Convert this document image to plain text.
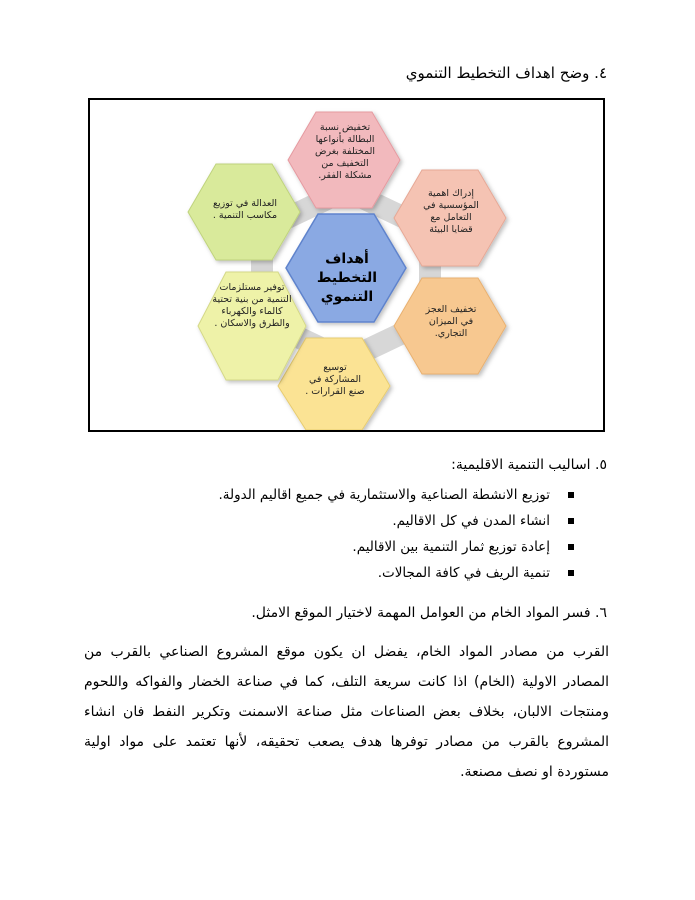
٤. وضح اهداف التخطيط التنموي
أهداف التخطيط التنموي
تخفيض نسبة البطالة بأنواعها المختلفة بغرض التخفيف من مشكلة الفقر.
إدراك اهمية المؤسسية في التعامل مع قضايا البيئة
تخفيف العجز في الميزان التجاري.
توسيع المشاركة في صنع القرارات .
توفير مستلزمات التنمية من بنية تحتية كالماء والكهرباء والطرق والاسكان .
العدالة في توزيع مكاسب التنمية .
٥. اساليب التنمية الاقليمية:
توزيع الانشطة الصناعية والاستثمارية في جميع اقاليم الدولة.
انشاء المدن في كل الاقاليم.
إعادة توزيع ثمار التنمية بين الاقاليم.
تنمية الريف في كافة المجالات.
٦. فسر المواد الخام من العوامل المهمة لاختيار الموقع الامثل.
القرب من مصادر المواد الخام، يفضل ان يكون موقع المشروع الصناعي بالقرب من المصادر الاولية (الخام) اذا كانت سريعة التلف، كما في صناعة الخضار والفواكه واللحوم ومنتجات الالبان، بخلاف بعض الصناعات مثل صناعة الاسمنت وتكرير النفط فان انشاء المشروع بالقرب من مصادر توفرها هدف يصعب تحقيقه، لأنها تعتمد على مواد اولية مستوردة او نصف مصنعة.
